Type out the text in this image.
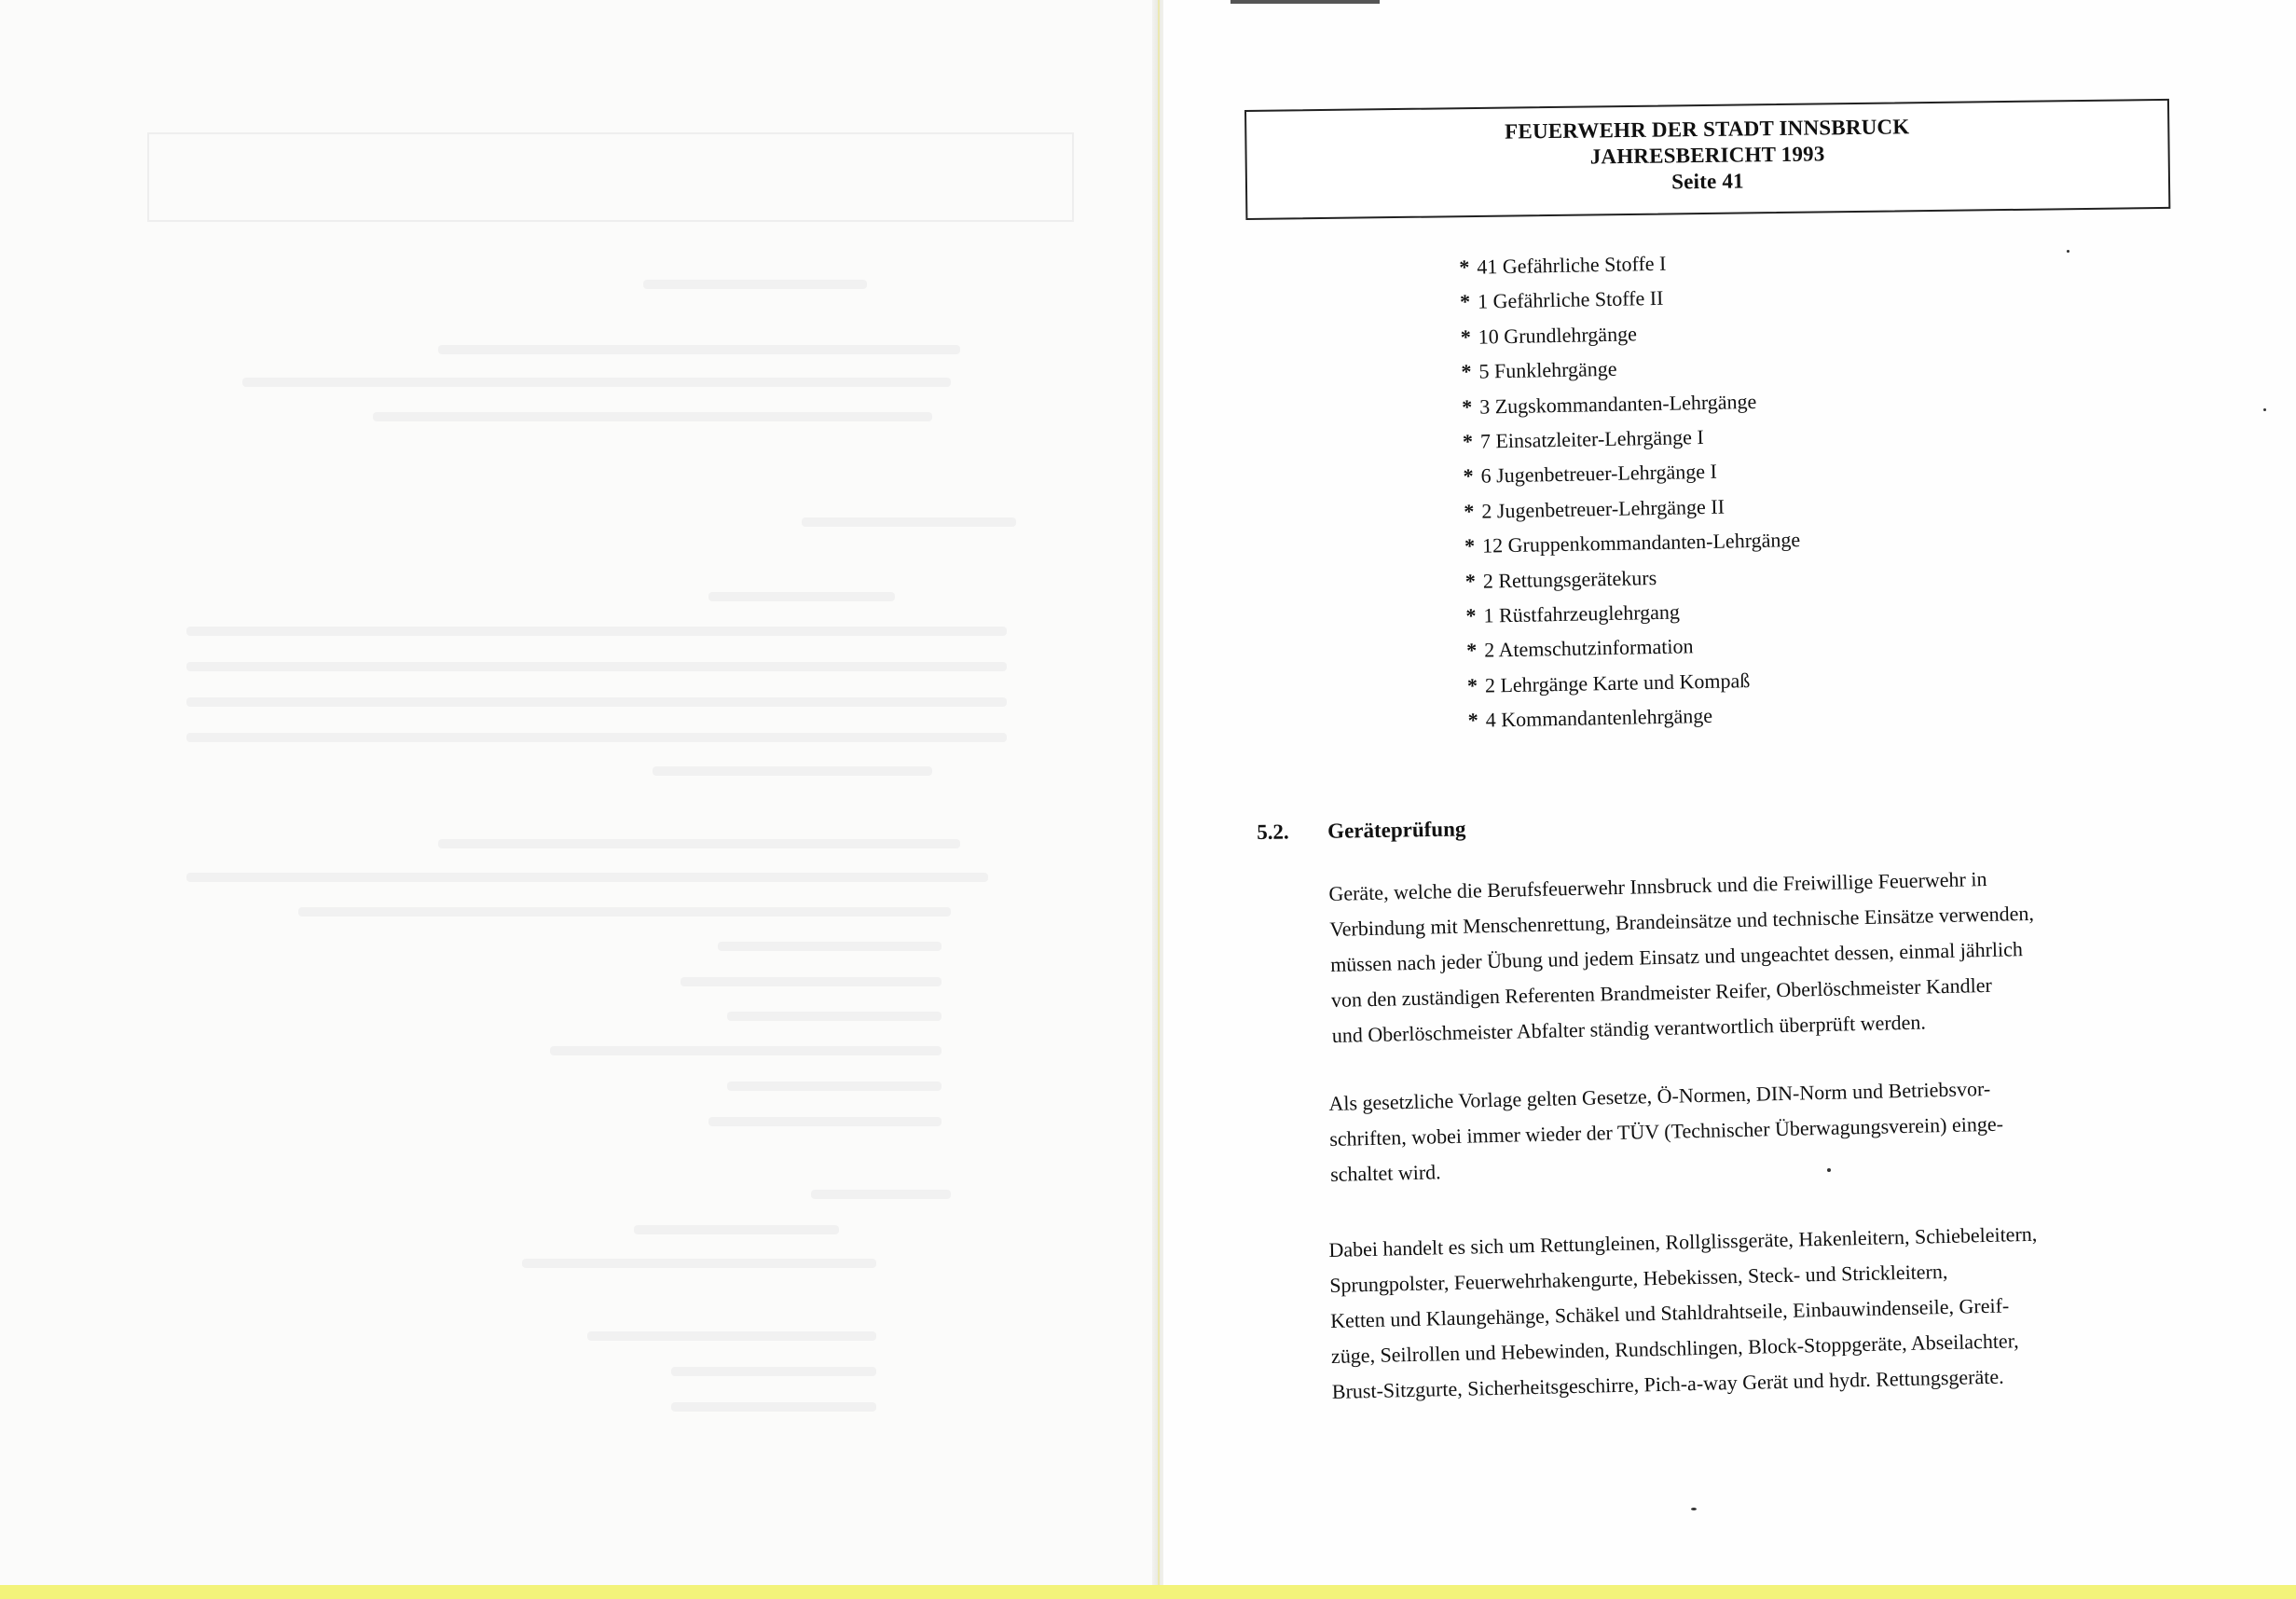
FEUERWEHR DER STADT INNSBRUCK
JAHRESBERICHT 1993
Seite 41
* 41 Gefährliche Stoffe I
* 1 Gefährliche Stoffe II
* 10 Grundlehrgänge
* 5 Funklehrgänge
* 3 Zugskommandanten-Lehrgänge
* 7 Einsatzleiter-Lehrgänge I
* 6 Jugenbetreuer-Lehrgänge I
* 2 Jugenbetreuer-Lehrgänge II
* 12 Gruppenkommandanten-Lehrgänge
* 2 Rettungsgerätekurs
* 1 Rüstfahrzeuglehrgang
* 2 Atemschutzinformation
* 2 Lehrgänge Karte und Kompaß
* 4 Kommandantenlehrgänge
5.2. Geräteprüfung
Geräte, welche die Berufsfeuerwehr Innsbruck und die Freiwillige Feuerwehr in
Verbindung mit Menschenrettung, Brandeinsätze und technische Einsätze verwenden,
müssen nach jeder Übung und jedem Einsatz und ungeachtet dessen, einmal jährlich
von den zuständigen Referenten Brandmeister Reifer, Oberlöschmeister Kandler
und Oberlöschmeister Abfalter ständig verantwortlich überprüft werden.
Als gesetzliche Vorlage gelten Gesetze, Ö-Normen, DIN-Norm und Betriebsvor-
schriften, wobei immer wieder der TÜV (Technischer Überwagungsverein) einge-
schaltet wird.
Dabei handelt es sich um Rettungleinen, Rollglissgeräte, Hakenleitern, Schiebeleitern,
Sprungpolster, Feuerwehrhakengurte, Hebekissen, Steck- und Strickleitern,
Ketten und Klaungehänge, Schäkel und Stahldrahtseile, Einbauwindenseile, Greif-
züge, Seilrollen und Hebewinden, Rundschlingen, Block-Stoppgeräte, Abseilachter,
Brust-Sitzgurte, Sicherheitsgeschirre, Pich-a-way Gerät und hydr. Rettungsgeräte.
